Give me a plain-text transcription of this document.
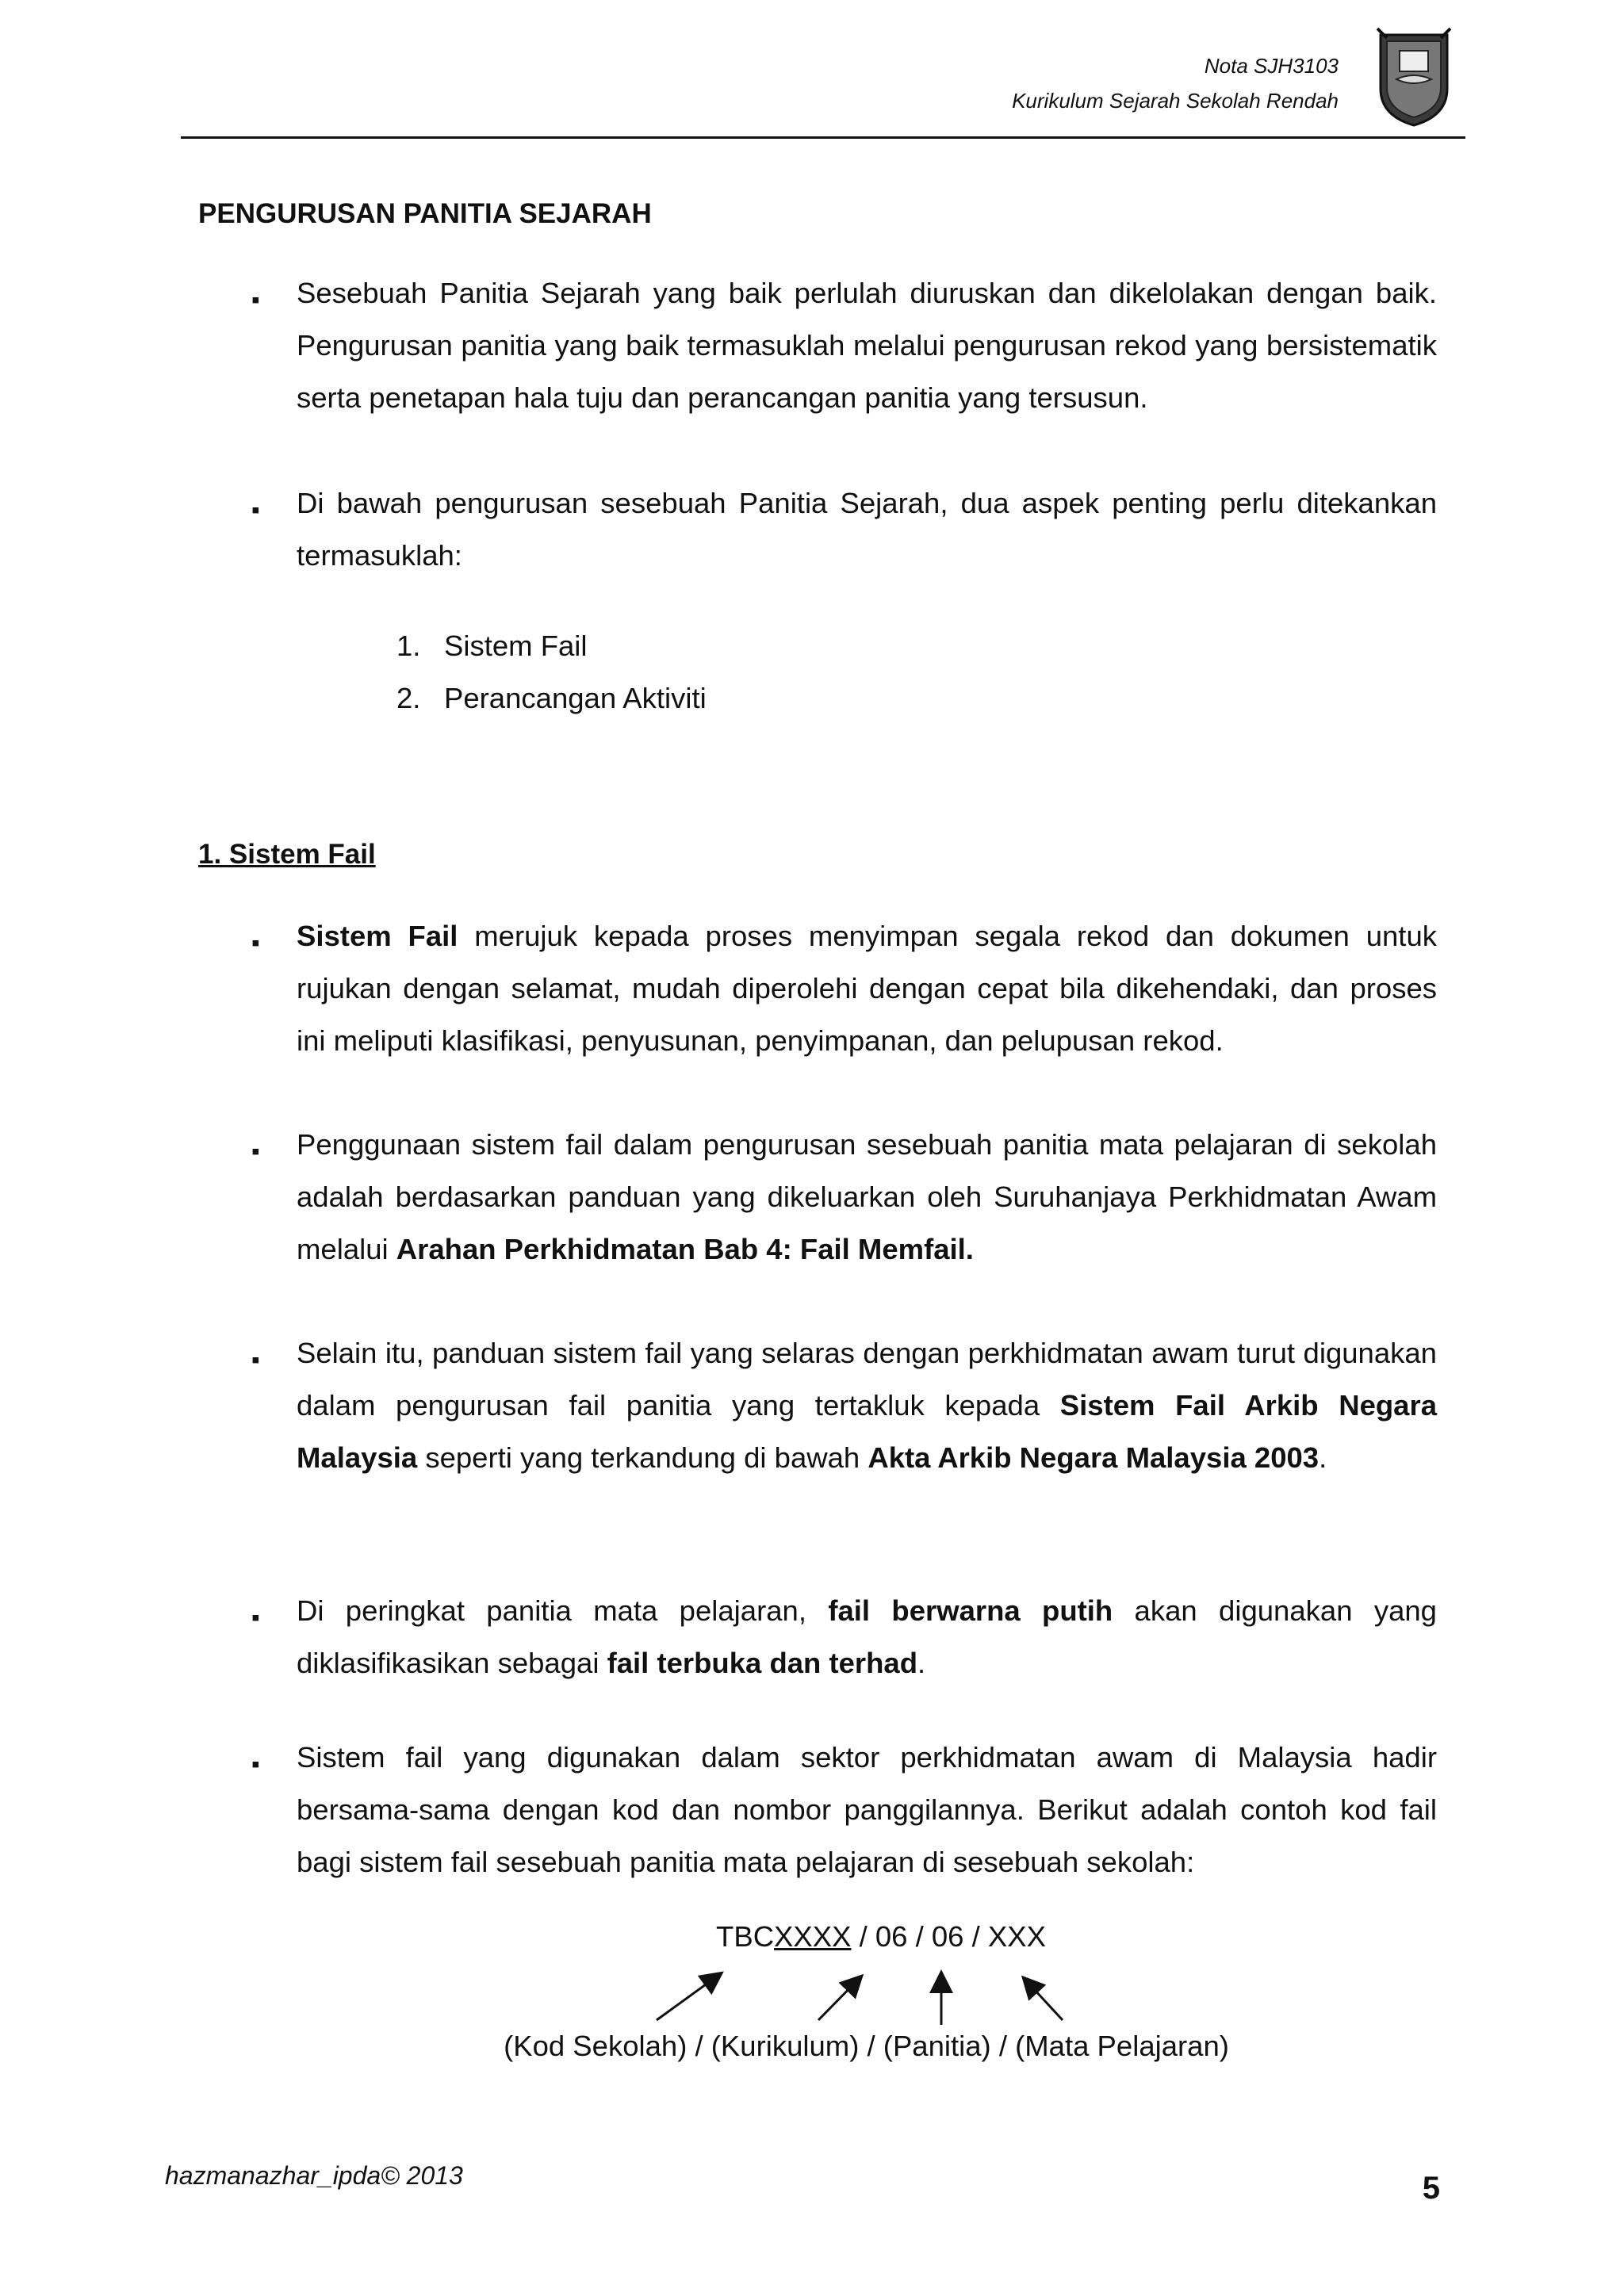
Nota SJH3103
Kurikulum Sejarah Sekolah Rendah
PENGURUSAN PANITIA SEJARAH
▪	Sesebuah Panitia Sejarah yang baik perlulah diuruskan dan dikelolakan dengan baik. Pengurusan panitia yang baik termasuklah melalui pengurusan rekod yang bersistematik serta penetapan hala tuju dan perancangan panitia yang tersusun.
▪	Di bawah pengurusan sesebuah Panitia Sejarah, dua aspek penting perlu ditekankan termasuklah:
1. Sistem Fail
2. Perancangan Aktiviti
1. Sistem Fail
▪	Sistem Fail merujuk kepada proses menyimpan segala rekod dan dokumen untuk rujukan dengan selamat, mudah diperolehi dengan cepat bila dikehendaki, dan proses ini meliputi klasifikasi, penyusunan, penyimpanan, dan pelupusan rekod.
▪	Penggunaan sistem fail dalam pengurusan sesebuah panitia mata pelajaran di sekolah adalah berdasarkan panduan yang dikeluarkan oleh Suruhanjaya Perkhidmatan Awam melalui Arahan Perkhidmatan Bab 4: Fail Memfail.
▪	Selain itu, panduan sistem fail yang selaras dengan perkhidmatan awam turut digunakan dalam pengurusan fail panitia yang tertakluk kepada Sistem Fail Arkib Negara Malaysia seperti yang terkandung di bawah Akta Arkib Negara Malaysia 2003.
▪	Di peringkat panitia mata pelajaran, fail berwarna putih akan digunakan yang diklasifikasikan sebagai fail terbuka dan terhad.
▪	Sistem fail yang digunakan dalam sektor perkhidmatan awam di Malaysia hadir bersama-sama dengan kod dan nombor panggilannya. Berikut adalah contoh kod fail bagi sistem fail sesebuah panitia mata pelajaran di sesebuah sekolah:
TBCXXXX / 06 / 06 / XXX
(Kod Sekolah) / (Kurikulum) / (Panitia) / (Mata Pelajaran)
hazmanazhar_ipda© 2013	5
